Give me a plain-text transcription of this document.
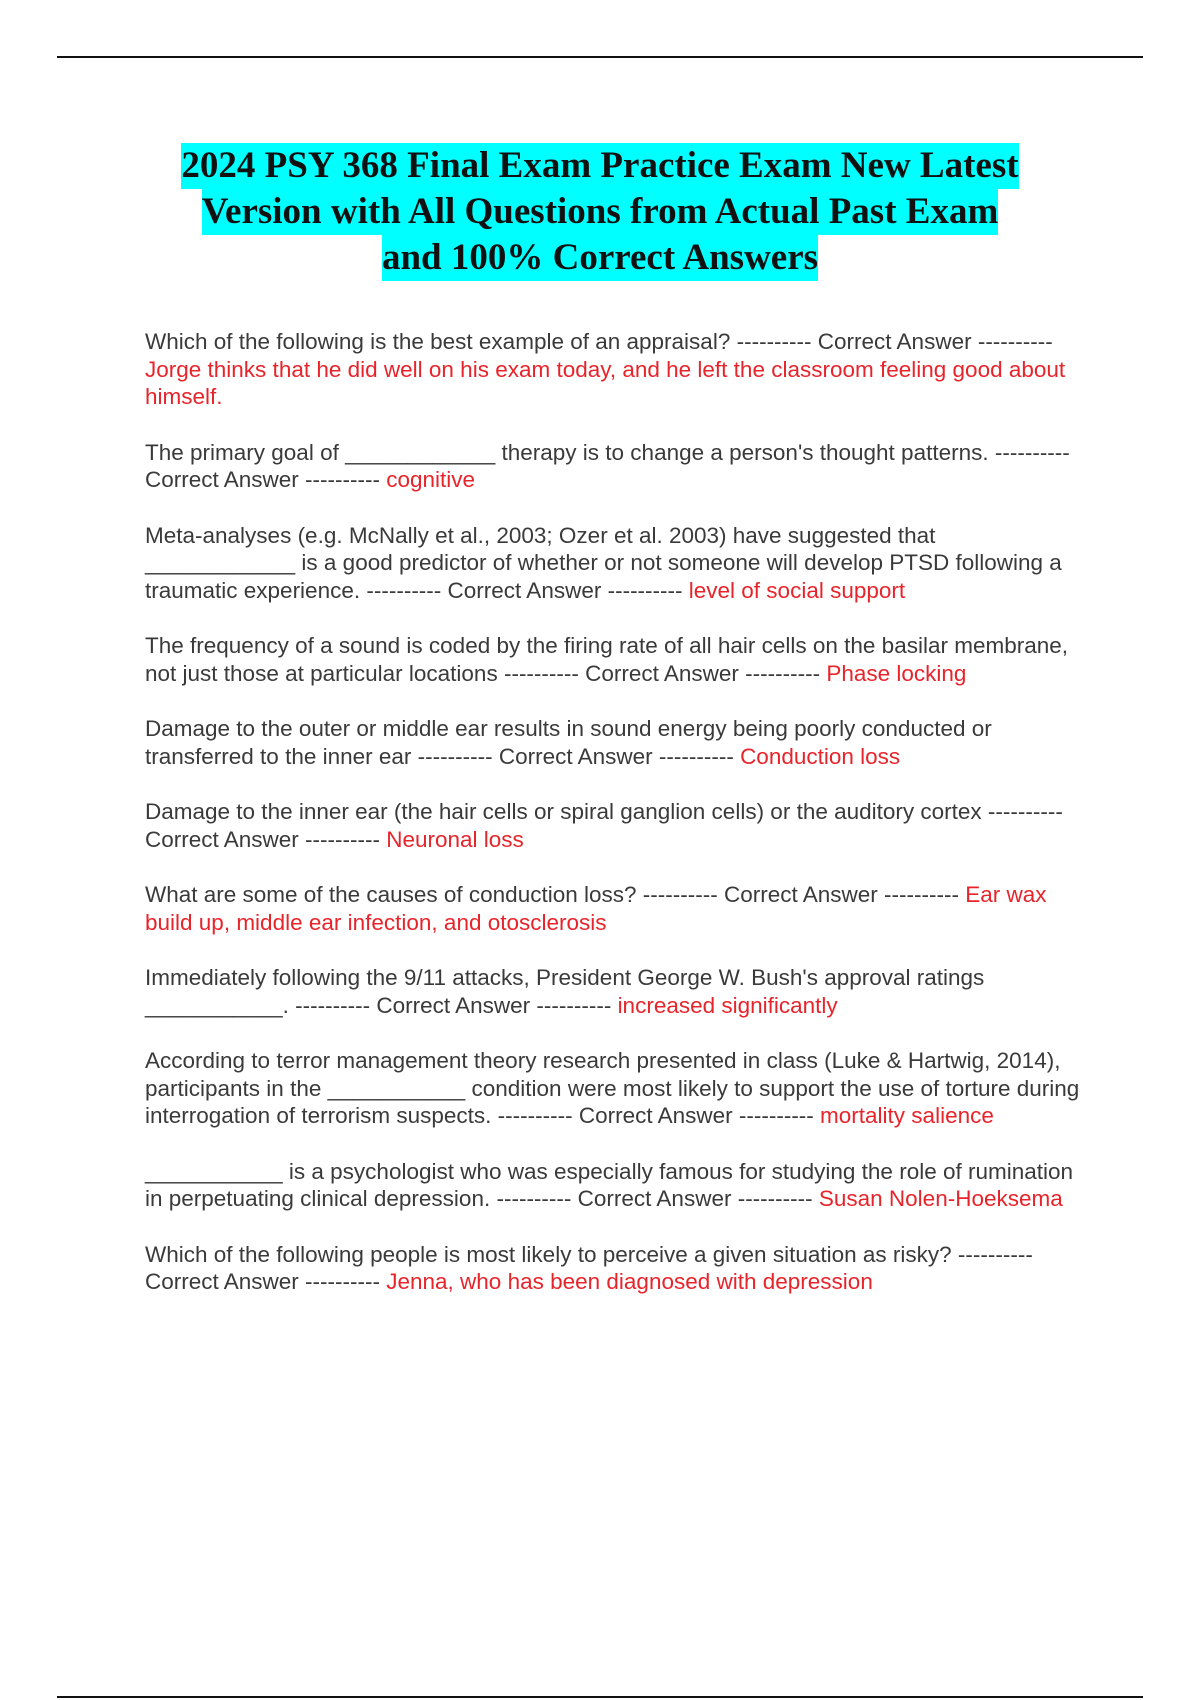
2024 PSY 368 Final Exam Practice Exam New Latest
Version with All Questions from Actual Past Exam
and 100% Correct Answers
Which of the following is the best example of an appraisal? ---------- Correct Answer ---------- Jorge thinks that he did well on his exam today, and he left the classroom feeling good about himself.
The primary goal of ____________ therapy is to change a person's thought patterns. ---------- Correct Answer ---------- cognitive
Meta-analyses (e.g. McNally et al., 2003; Ozer et al. 2003) have suggested that ____________ is a good predictor of whether or not someone will develop PTSD following a traumatic experience. ---------- Correct Answer ---------- level of social support
The frequency of a sound is coded by the firing rate of all hair cells on the basilar membrane, not just those at particular locations ---------- Correct Answer ---------- Phase locking
Damage to the outer or middle ear results in sound energy being poorly conducted or transferred to the inner ear ---------- Correct Answer ---------- Conduction loss
Damage to the inner ear (the hair cells or spiral ganglion cells) or the auditory cortex ---------- Correct Answer ---------- Neuronal loss
What are some of the causes of conduction loss? ---------- Correct Answer ---------- Ear wax build up, middle ear infection, and otosclerosis
Immediately following the 9/11 attacks, President George W. Bush's approval ratings ___________. ---------- Correct Answer ---------- increased significantly
According to terror management theory research presented in class (Luke & Hartwig, 2014), participants in the ___________ condition were most likely to support the use of torture during interrogation of terrorism suspects. ---------- Correct Answer ---------- mortality salience
___________ is a psychologist who was especially famous for studying the role of rumination in perpetuating clinical depression. ---------- Correct Answer ---------- Susan Nolen-Hoeksema
Which of the following people is most likely to perceive a given situation as risky? ---------- Correct Answer ---------- Jenna, who has been diagnosed with depression
